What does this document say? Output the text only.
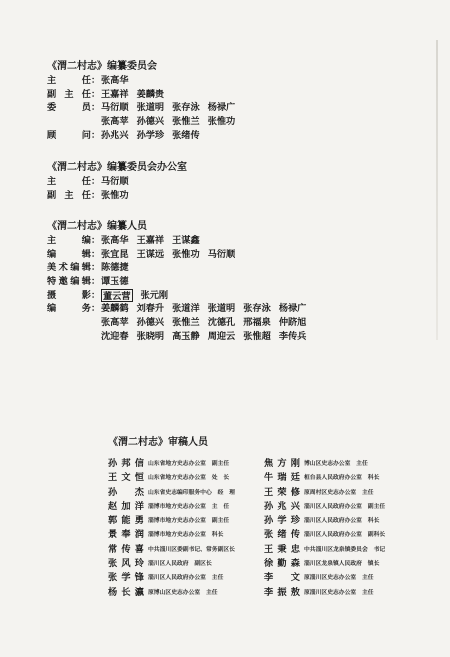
《渭二村志》编纂委员会
主任 ： 张高华
副主任 ： 王嘉祥 姜麟贵
委员 ： 马衍顺 张道明 张存泳 杨禄广
张高苹 孙德兴 张惟兰 张惟功
顾问 ： 孙兆兴 孙学珍 张绪传
《渭二村志》编纂委员会办公室
主任 ： 马衍顺
副主任 ： 张惟功
《渭二村志》编纂人员
主编 ： 张高华 王嘉祥 王谋鑫
编辑 ： 张宜昆 王谋远 张惟功 马衍顺
美术编辑 ： 陈德捷
特邀编辑 ： 谭玉德
摄影 ： 董云营 张元刚
编务 ： 姜麟鹤 刘春升 张道洋 张道明 张存泳 杨禄广
张高苹 孙德兴 张惟兰 沈德孔 邢福泉 仲跻旭
沈迎春 张晓明 高玉静 周迎云 张惟超 李传兵
《渭二村志》审稿人员
孙邦信 山东省地方史志办公室　副主任	焦方刚 博山区史志办公室　主任
王文恒 山东省地方史志办公室　处　长	牛瑞廷 桓台县人民政府办公室　科长
孙杰 山东省史志编印服务中心　经　理	王荣修 原周村区史志办公室　主任
赵加洋 淄博市地方史志办公室　主　任	孙兆兴 淄川区人民政府办公室　副主任
郭能勇 淄博市地方史志办公室　副主任	孙学珍 淄川区人民政府办公室　科长
景奉润 淄博市地方史志办公室　科长	张绪传 淄川区人民政府办公室　副科长
常传喜 中共淄川区委副书记、常务副区长	王秉忠 中共淄川区龙泉镇委员会　书记
张风玲 淄川区人民政府　副区长	徐勤森 淄川区龙泉镇人民政府　镇长
张学锋 淄川区人民政府办公室　主任	李文 原淄川区史志办公室　主任
杨长瀛 原博山区史志办公室　主任	李振敖 原淄川区史志办公室　主任
